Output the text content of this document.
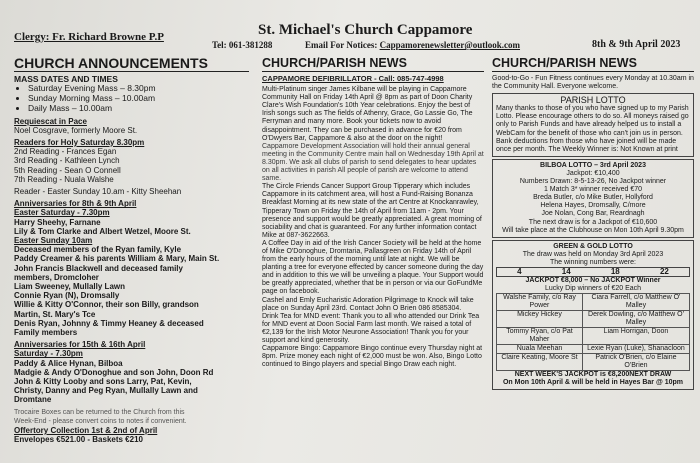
Clergy: Fr. Richard Browne P.P	St. Michael's Church Cappamore
Tel: 061-381288	Email For Notices: Cappamorenewsletter@outlook.com	8th & 9th April 2023
CHURCH ANNOUNCEMENTS
MASS DATES AND TIMES
• Saturday Evening Mass – 8.30pm
• Sunday Morning Mass – 10.00am
• Daily Mass – 10.00am
Requiescat in Pace
Noel Cosgrave, formerly Moore St.
Readers for Holy Saturday 8.30pm
2nd Reading - Frances Egan
3rd Reading - Kathleen Lynch
5th Reading - Sean O Connell
7th Reading - Nuala Walshe
Reader - Easter Sunday 10.am - Kitty Sheehan
Anniversaries for 8th & 9th April
Easter Saturday - 7.30pm
Harry Sheehy, Farnane
Lily & Tom Clarke and Albert Wetzel, Moore St.
Easter Sunday 10am
Deceased members of the Ryan family, Kyle
Paddy Creamer & his parents William & Mary, Main St.
John Francis Blackwell and deceased family
members, Dromcloher
Liam Sweeney, Mullally Lawn
Connie Ryan (N), Dromsally
Willie & Kitty O'Connor, their son Billy, grandson
Martin, St. Mary's Tce
Denis Ryan, Johnny & Timmy Heaney & deceased
Family members
Anniversaries for 15th & 16th April
Saturday - 7.30pm
Paddy & Alice Hynan, Bilboa
Madgie & Andy O'Donoghue and son John, Doon Rd
John & Kitty Looby and sons Larry, Pat, Kevin,
Christy, Danny and Peg Ryan, Mullally Lawn and
Dromtane
Trocaire Boxes can be returned to the Church from this
Week-End - please convert coins to notes if convenient.
Offertory Collection 1st & 2nd of April
Envelopes €521.00 - Baskets €210
CHURCH/PARISH NEWS

CAPPAMORE DEFIBRILLATOR - Call: 085-747-4998

Multi-Platinum singer James Kilbane will be playing in Cappamore Community Hall on Friday 14th April @ 8pm as part of Doon Charity Clare's Wish Foundation's 10th Year celebrations. Enjoy the best of Irish songs such as The fields of Athenry, Grace, Go Lassie Go, The Ferryman and many more. Book your tickets now to avoid disappointment. They can be purchased in advance for €20 from O'Dwyers Bar, Cappamore & also at the door on the night!

Cappamore Development Association will hold their annual general meeting in the Community Centre main hall on Wednesday 19th April at 8.30pm. We ask all clubs of parish to send delegates to hear updates on all activities in parish All people of parish are welcome to attend same.

The Circle Friends Cancer Support Group Tipperary which includes Cappamore in its catchment area, will host a Fund-Raising Bonanza Breakfast Morning at its new state of the art Centre at Knockanrawley, Tipperary Town on Friday the 14th of April from 11am - 2pm. Your presence and support would be greatly appreciated. A great morning of sociability and chat is guaranteed. For any further information contact Mike at 087-3622663.

A Coffee Day in aid of the Irish Cancer Society will be held at the home of Mike O'Donoghue, Dromtaria, Pallasgreen on Friday 14th of April from the early hours of the morning until late at night. We will be planting a tree for everyone effected by cancer someone during the day and in addition to this we will be unveiling a plaque. Your Support would be greatly appreciated, whether that be in person or via our GoFundMe page on facebook.

Cashel and Emly Eucharistic Adoration Pilgrimage to Knock will take place on Sunday April 23rd. Contact John O Brien 086 8585304.

Drink Tea for MND event: Thank you to all who attended our Drink Tea for MND event at Doon Social Farm last month. We raised a total of €2,139 for the Irish Motor Neurone Association! Thank you for your support and kind generosity.

Cappamore Bingo: Cappamore Bingo continue every Thursday night at 8pm. Prize money each night of €2,000 must be won. Also, Bingo Lotto continued to Bingo players and special Bingo Draw each night.

CHURCH/PARISH NEWS

Good-to-Go - Fun Fitness continues every Monday at 10.30am in the Community Hall. Everyone welcome.

PARISH LOTTO

Many thanks to those of you who have signed up to my Parish Lotto. Please encourage others to do so. All moneys raised go only to Parish Funds and have already helped us to install a WebCam for the benefit of those who can't join us in person. Bank deductions from those who have joined will be made once per month. The Weekly Winner is: Not Known at print

BILBOA LOTTO – 3rd April 2023
Jackpot: €10,400
Numbers Drawn: 8-5-13-26, No Jackpot winner
1 Match 3* winner received €70
Breda Butler, c/o Mike Butler, Hollyford
Helena Hayes, Dromsally, C/more
Joe Nolan, Cong Bar, Reardnagh
The next draw is for a Jackpot of €10,600
Will take place at the Clubhouse on Mon 10th April 9.30pm
GREEN & GOLD LOTTO
The draw was held on Monday 3rd April 2023
The winning numbers were:
4	14	18	22
JACKPOT €8,000 – No JACKPOT Winner
Lucky Dip winners of €20 Each
Walshe Family, c/o Ray Power	Ciara Farrell, c/o Matthew O' Malley
Mickey Hickey	Derek Dowling, c/o Matthew O' Malley
Tommy Ryan, c/o Pat Maher	Liam Horrigan, Doon
Nuala Meehan	Lexie Ryan (Luke), Shanacloon
Claire Keating, Moore St	Patrick O'Brien, c/o Elaine O'Brien
NEXT WEEK'S JACKPOT is €8,200NEXT DRAW
On Mon 10th April & will be held in Hayes Bar @ 10pm
